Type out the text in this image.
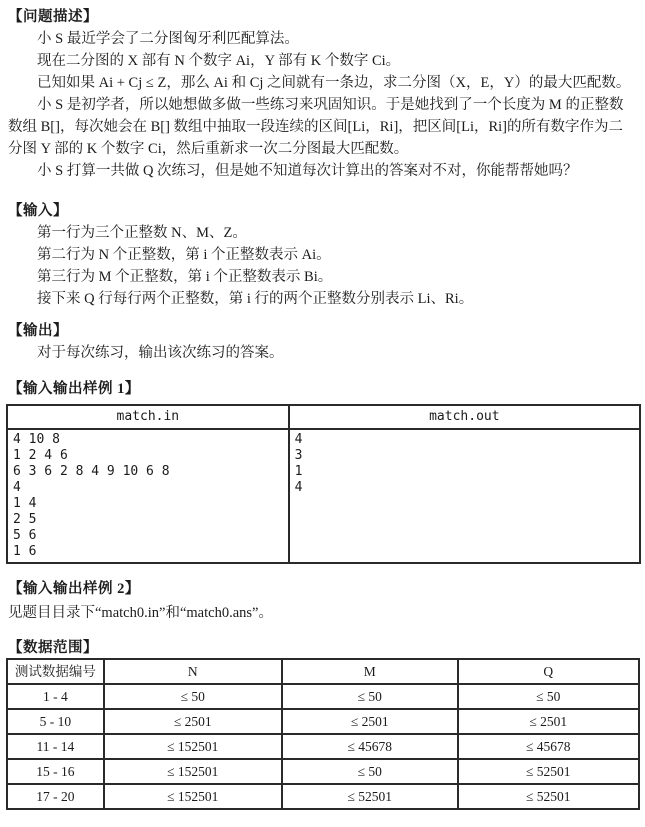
【问题描述】

小 S 最近学会了二分图匈牙利匹配算法。

现在二分图的 X 部有 N 个数字 Ai，Y 部有 K 个数字 Ci。

已知如果 Ai + Cj ≤ Z，那么 Ai 和 Cj 之间就有一条边，求二分图（X，E，Y）的最大匹配数。

小 S 是初学者，所以她想做多做一些练习来巩固知识。于是她找到了一个长度为 M 的正整数数组 B[]，每次她会在 B[] 数组中抽取一段连续的区间[Li，Ri]，把区间[Li，Ri]的所有数字作为二分图 Y 部的 K 个数字 Ci，然后重新求一次二分图最大匹配数。

小 S 打算一共做 Q 次练习，但是她不知道每次计算出的答案对不对，你能帮帮她吗？

【输入】

第一行为三个正整数 N、M、Z。

第二行为 N 个正整数，第 i 个正整数表示 Ai。

第三行为 M 个正整数，第 i 个正整数表示 Bi。

接下来 Q 行每行两个正整数，第 i 行的两个正整数分别表示 Li、Ri。

【输出】

对于每次练习，输出该次练习的答案。

【输入输出样例 1】
match.in	match.out

4 10 8
1 2 4 6
6 3 6 2 8 4 9 10 6 8
4
1 4
2 5
5 6
1 6

4
3
1
4
【输入输出样例 2】

见题目目录下“match0.in”和“match0.ans”。

【数据范围】
测试数据编号	N	M	Q
1 - 4	≤ 50	≤ 50	≤ 50
5 - 10	≤ 2501	≤ 2501	≤ 2501
11 - 14	≤ 152501	≤ 45678	≤ 45678
15 - 16	≤ 152501	≤ 50	≤ 52501
17 - 20	≤ 152501	≤ 52501	≤ 52501
